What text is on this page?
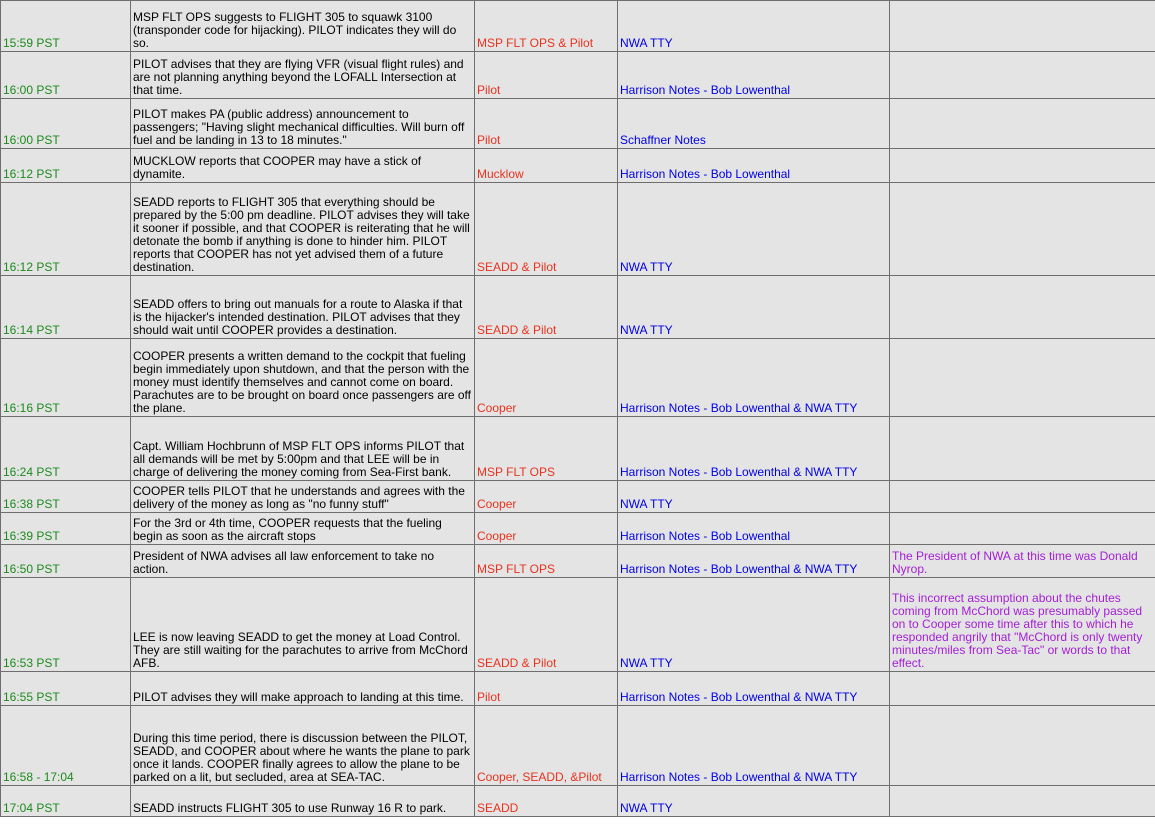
15:59 PST	MSP FLT OPS suggests to FLIGHT 305 to squawk 3100 (transponder code for hijacking). PILOT indicates they will do so.	MSP FLT OPS & Pilot	NWA TTY	
16:00 PST	PILOT advises that they are flying VFR (visual flight rules) and are not planning anything beyond the LOFALL Intersection at that time.	Pilot	Harrison Notes - Bob Lowenthal	
16:00 PST	PILOT makes PA (public address) announcement to passengers; "Having slight mechanical difficulties. Will burn off fuel and be landing in 13 to 18 minutes."	Pilot	Schaffner Notes	
16:12 PST	MUCKLOW reports that COOPER may have a stick of dynamite.	Mucklow	Harrison Notes - Bob Lowenthal	
16:12 PST	SEADD reports to FLIGHT 305 that everything should be prepared by the 5:00 pm deadline. PILOT advises they will take it sooner if possible, and that COOPER is reiterating that he will detonate the bomb if anything is done to hinder him. PILOT reports that COOPER has not yet advised them of a future destination.	SEADD & Pilot	NWA TTY	
16:14 PST	SEADD offers to bring out manuals for a route to Alaska if that is the hijacker's intended destination. PILOT advises that they should wait until COOPER provides a destination.	SEADD & Pilot	NWA TTY	
16:16 PST	COOPER presents a written demand to the cockpit that fueling begin immediately upon shutdown, and that the person with the money must identify themselves and cannot come on board. Parachutes are to be brought on board once passengers are off the plane.	Cooper	Harrison Notes - Bob Lowenthal & NWA TTY	
16:24 PST	Capt. William Hochbrunn of MSP FLT OPS informs PILOT that all demands will be met by 5:00pm and that LEE will be in charge of delivering the money coming from Sea-First bank.	MSP FLT OPS	Harrison Notes - Bob Lowenthal & NWA TTY	
16:38 PST	COOPER tells PILOT that he understands and agrees with the delivery of the money as long as "no funny stuff"	Cooper	NWA TTY	
16:39 PST	For the 3rd or 4th time, COOPER requests that the fueling begin as soon as the aircraft stops	Cooper	Harrison Notes - Bob Lowenthal	
16:50 PST	President of NWA advises all law enforcement to take no action.	MSP FLT OPS	Harrison Notes - Bob Lowenthal & NWA TTY	The President of NWA at this time was Donald Nyrop.
16:53 PST	LEE is now leaving SEADD to get the money at Load Control. They are still waiting for the parachutes to arrive from McChord AFB.	SEADD & Pilot	NWA TTY	This incorrect assumption about the chutes coming from McChord was presumably passed on to Cooper some time after this to which he responded angrily that "McChord is only twenty minutes/miles from Sea-Tac" or words to that effect.
16:55 PST	PILOT advises they will make approach to landing at this time.	Pilot	Harrison Notes - Bob Lowenthal & NWA TTY	
16:58 - 17:04	During this time period, there is discussion between the PILOT, SEADD, and COOPER about where he wants the plane to park once it lands. COOPER finally agrees to allow the plane to be parked on a lit, but secluded, area at SEA-TAC.	Cooper, SEADD, &Pilot	Harrison Notes - Bob Lowenthal & NWA TTY	
17:04 PST	SEADD instructs FLIGHT 305 to use Runway 16 R to park.	SEADD	NWA TTY	
